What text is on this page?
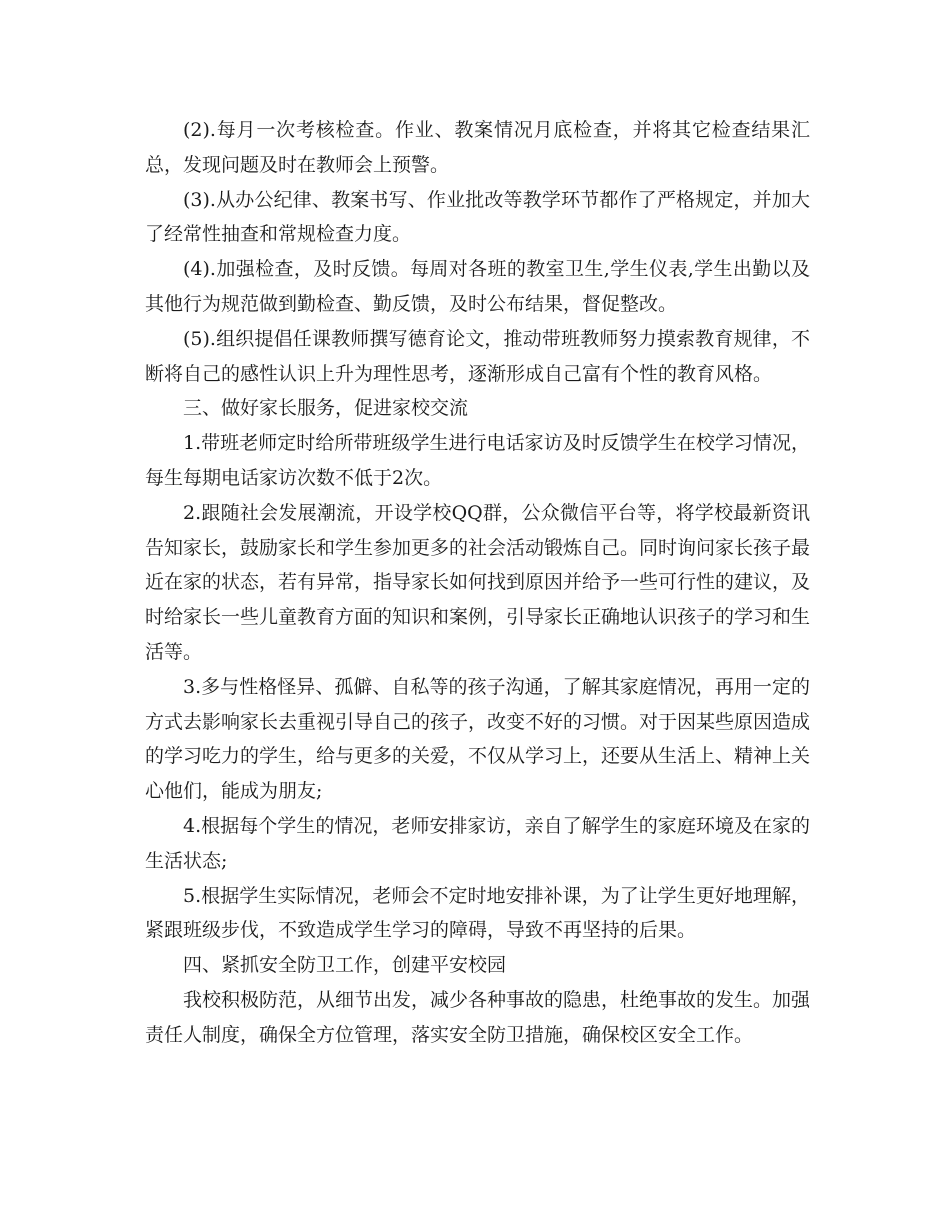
(2).每月一次考核检查。作业、教案情况月底检查，并将其它检查结果汇总，发现问题及时在教师会上预警。

(3).从办公纪律、教案书写、作业批改等教学环节都作了严格规定，并加大了经常性抽查和常规检查力度。

(4).加强检查，及时反馈。每周对各班的教室卫生,学生仪表,学生出勤以及其他行为规范做到勤检查、勤反馈，及时公布结果，督促整改。

(5).组织提倡任课教师撰写德育论文，推动带班教师努力摸索教育规律，不断将自己的感性认识上升为理性思考，逐渐形成自己富有个性的教育风格。

三、做好家长服务，促进家校交流

1.带班老师定时给所带班级学生进行电话家访及时反馈学生在校学习情况，每生每期电话家访次数不低于2次。

2.跟随社会发展潮流，开设学校QQ群，公众微信平台等，将学校最新资讯告知家长，鼓励家长和学生参加更多的社会活动锻炼自己。同时询问家长孩子最近在家的状态，若有异常，指导家长如何找到原因并给予一些可行性的建议，及时给家长一些儿童教育方面的知识和案例，引导家长正确地认识孩子的学习和生活等。

3.多与性格怪异、孤僻、自私等的孩子沟通，了解其家庭情况，再用一定的方式去影响家长去重视引导自己的孩子，改变不好的习惯。对于因某些原因造成的学习吃力的学生，给与更多的关爱，不仅从学习上，还要从生活上、精神上关心他们，能成为朋友;

4.根据每个学生的情况，老师安排家访，亲自了解学生的家庭环境及在家的生活状态;

5.根据学生实际情况，老师会不定时地安排补课，为了让学生更好地理解，紧跟班级步伐，不致造成学生学习的障碍，导致不再坚持的后果。

四、紧抓安全防卫工作，创建平安校园

我校积极防范，从细节出发，减少各种事故的隐患，杜绝事故的发生。加强责任人制度，确保全方位管理，落实安全防卫措施，确保校区安全工作。
